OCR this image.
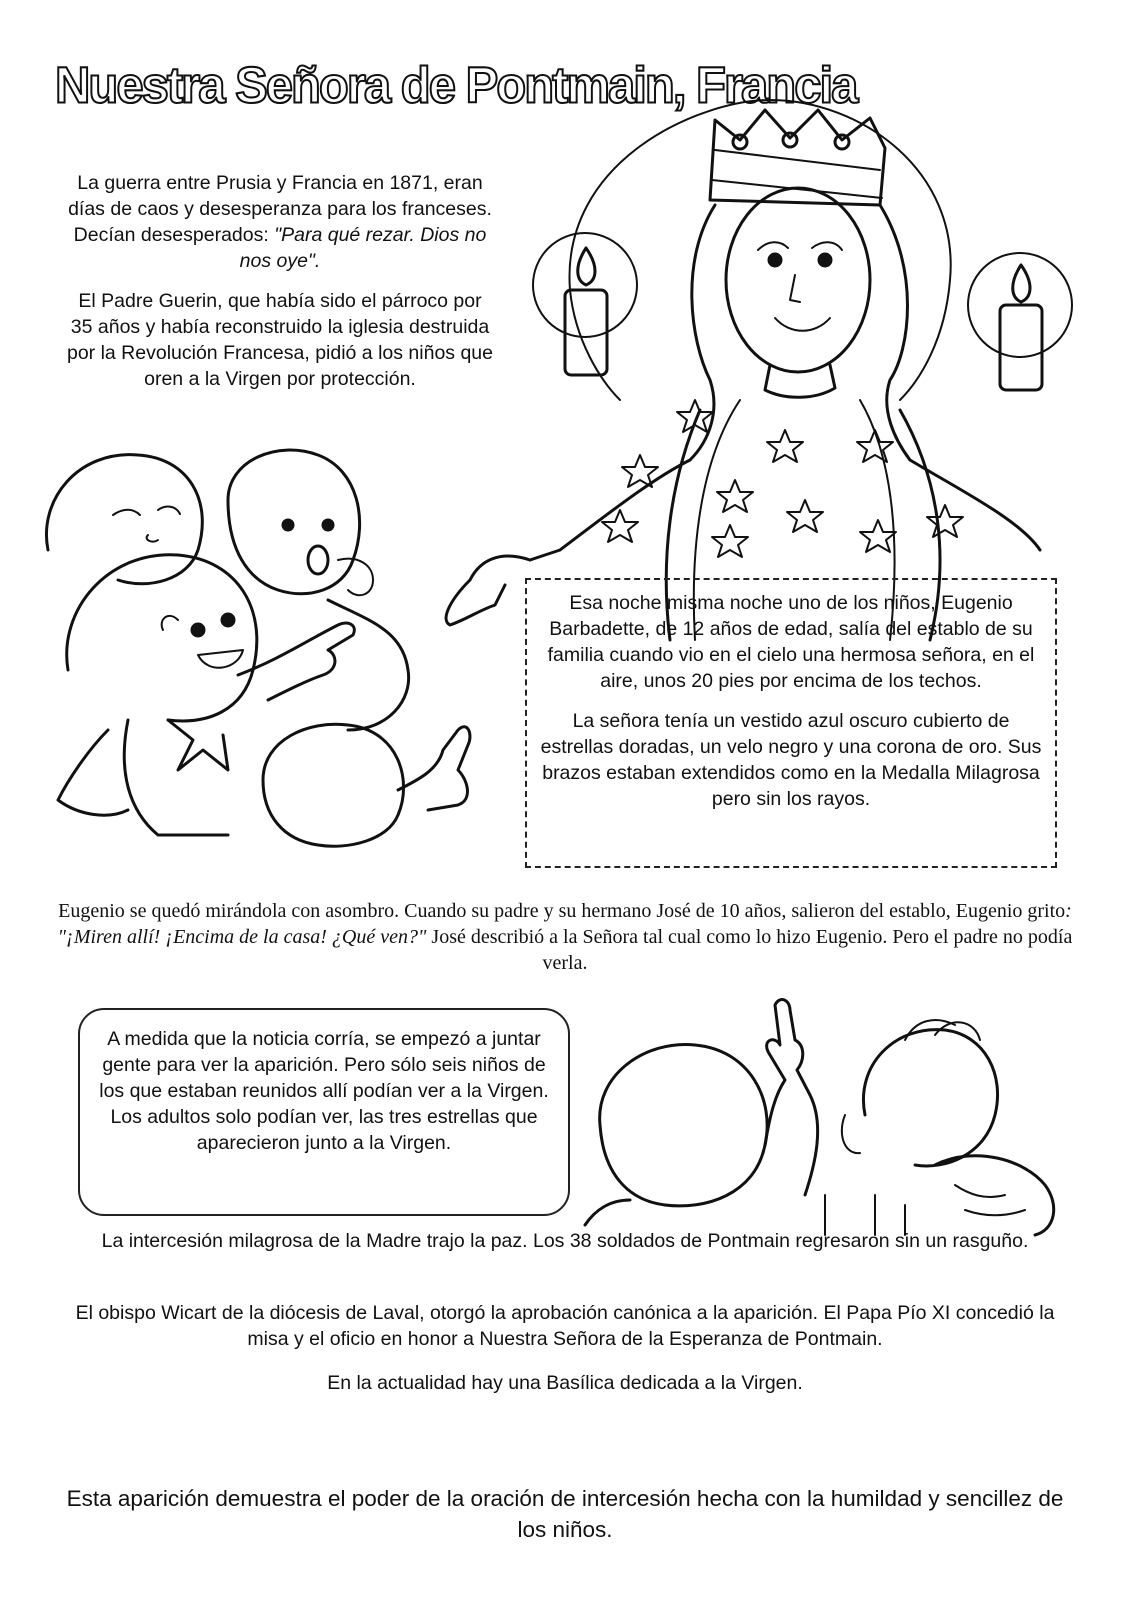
Nuestra Señora de Pontmain, Francia

La guerra entre Prusia y Francia en 1871, eran días de caos y desesperanza para los franceses. Decían desesperados: "Para qué rezar. Dios no nos oye".

El Padre Guerin, que había sido el párroco por 35 años y había reconstruido la iglesia destruida por la Revolución Francesa, pidió a los niños que oren a la Virgen por protección.

Esa noche misma noche uno de los niños, Eugenio Barbadette, de 12 años de edad, salía del establo de su familia cuando vio en el cielo una hermosa señora, en el aire, unos 20 pies por encima de los techos.

La señora tenía un vestido azul oscuro cubierto de estrellas doradas, un velo negro y una corona de oro. Sus brazos estaban extendidos como en la Medalla Milagrosa pero sin los rayos.

Eugenio se quedó mirándola con asombro. Cuando su padre y su hermano José de 10 años, salieron del establo, Eugenio grito: "¡Miren allí! ¡Encima de la casa! ¿Qué ven?" José describió a la Señora tal cual como lo hizo Eugenio. Pero el padre no podía verla.

A medida que la noticia corría, se empezó a juntar gente para ver la aparición. Pero sólo seis niños de los que estaban reunidos allí podían ver a la Virgen. Los adultos solo podían ver, las tres estrellas que aparecieron junto a la Virgen.

La intercesión milagrosa de la Madre trajo la paz. Los 38 soldados de Pontmain regresaron sin un rasguño.

El obispo Wicart de la diócesis de Laval, otorgó la aprobación canónica a la aparición. El Papa Pío XI concedió la misa y el oficio en honor a Nuestra Señora de la Esperanza de Pontmain.

En la actualidad hay una Basílica dedicada a la Virgen.

Esta aparición demuestra el poder de la oración de intercesión hecha con la humildad y sencillez de los niños.
